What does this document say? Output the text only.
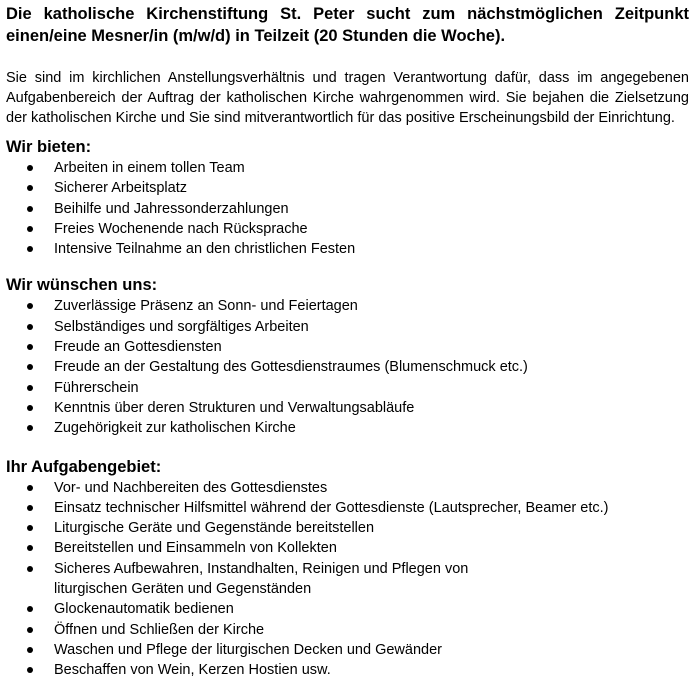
Die katholische Kirchenstiftung St. Peter sucht zum nächstmöglichen Zeitpunkt einen/eine Mesner/in (m/w/d) in Teilzeit (20 Stunden die Woche).

Sie sind im kirchlichen Anstellungsverhältnis und tragen Verantwortung dafür, dass im angegebenen Aufgabenbereich der Auftrag der katholischen Kirche wahrgenommen wird. Sie bejahen die Zielsetzung der katholischen Kirche und Sie sind mitverantwortlich für das positive Erscheinungsbild der Einrichtung.

Wir bieten:
Arbeiten in einem tollen Team
Sicherer Arbeitsplatz
Beihilfe und Jahressonderzahlungen
Freies Wochenende nach Rücksprache
Intensive Teilnahme an den christlichen Festen
Wir wünschen uns:
Zuverlässige Präsenz an Sonn- und Feiertagen
Selbständiges und sorgfältiges Arbeiten
Freude an Gottesdiensten
Freude an der Gestaltung des Gottesdienstraumes (Blumenschmuck etc.)
Führerschein
Kenntnis über deren Strukturen und Verwaltungsabläufe
Zugehörigkeit zur katholischen Kirche
Ihr Aufgabengebiet:
Vor- und Nachbereiten des Gottesdienstes
Einsatz technischer Hilfsmittel während der Gottesdienste (Lautsprecher, Beamer etc.)
Liturgische Geräte und Gegenstände bereitstellen
Bereitstellen und Einsammeln von Kollekten
Sicheres Aufbewahren, Instandhalten, Reinigen und Pflegen von liturgischen Geräten und Gegenständen
Glockenautomatik bedienen
Öffnen und Schließen der Kirche
Waschen und Pflege der liturgischen Decken und Gewänder
Beschaffen von Wein, Kerzen Hostien usw.
